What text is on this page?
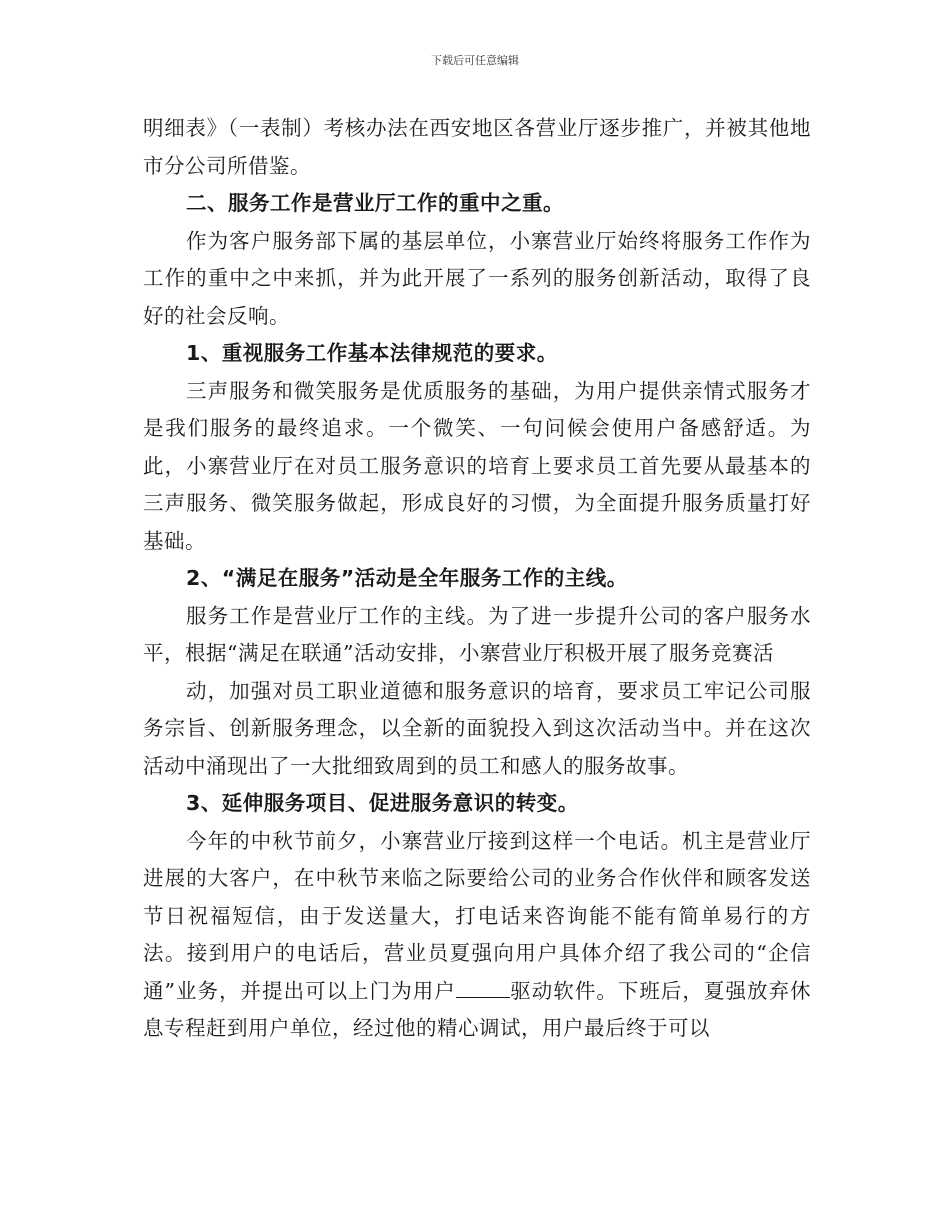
下载后可任意编辑

明细表》（一表制）考核办法在西安地区各营业厅逐步推广，并被其他地市分公司所借鉴。

二、服务工作是营业厅工作的重中之重。

作为客户服务部下属的基层单位，小寨营业厅始终将服务工作作为工作的重中之中来抓，并为此开展了一系列的服务创新活动，取得了良好的社会反响。

1、重视服务工作基本法律规范的要求。

三声服务和微笑服务是优质服务的基础，为用户提供亲情式服务才是我们服务的最终追求。一个微笑、一句问候会使用户备感舒适。为此，小寨营业厅在对员工服务意识的培育上要求员工首先要从最基本的三声服务、微笑服务做起，形成良好的习惯，为全面提升服务质量打好基础。

2、“满足在服务”活动是全年服务工作的主线。

服务工作是营业厅工作的主线。为了进一步提升公司的客户服务水平，根据“满足在联通”活动安排，小寨营业厅积极开展了服务竞赛活

动，加强对员工职业道德和服务意识的培育，要求员工牢记公司服务宗旨、创新服务理念，以全新的面貌投入到这次活动当中。并在这次活动中涌现出了一大批细致周到的员工和感人的服务故事。

3、延伸服务项目、促进服务意识的转变。

今年的中秋节前夕，小寨营业厅接到这样一个电话。机主是营业厅进展的大客户，在中秋节来临之际要给公司的业务合作伙伴和顾客发送节日祝福短信，由于发送量大，打电话来咨询能不能有简单易行的方法。接到用户的电话后，营业员夏强向用户具体介绍了我公司的“企信通”业务，并提出可以上门为用户	驱动软件。下班后，夏强放弃休息专程赶到用户单位，经过他的精心调试，用户最后终于可以
